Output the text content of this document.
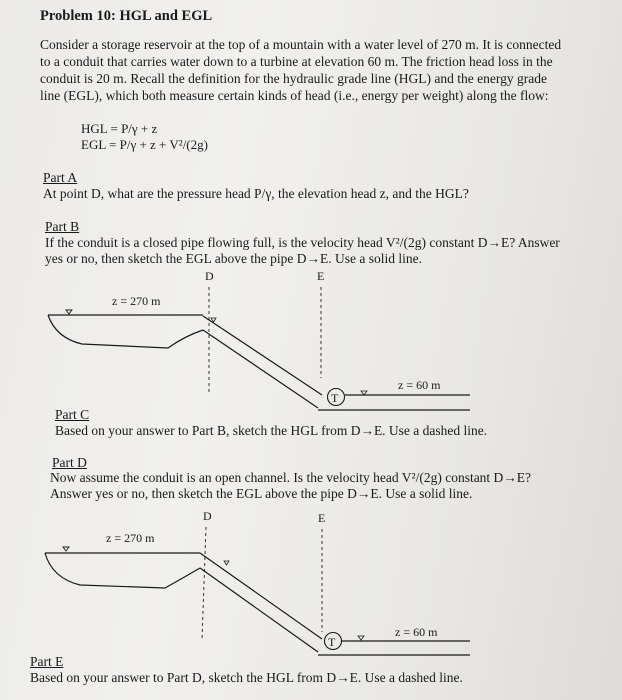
Problem 10: HGL and EGL
Consider a storage reservoir at the top of a mountain with a water level of 270 m. It is connected
to a conduit that carries water down to a turbine at elevation 60 m. The friction head loss in the
conduit is 20 m. Recall the definition for the hydraulic grade line (HGL) and the energy grade
line (EGL), which both measure certain kinds of head (i.e., energy per weight) along the flow:
HGL = P/γ + z
EGL = P/γ + z + V²/(2g)
Part A
At point D, what are the pressure head P/γ, the elevation head z, and the HGL?
Part B
If the conduit is a closed pipe flowing full, is the velocity head V²/(2g) constant D→E? Answer
yes or no, then sketch the EGL above the pipe D→E. Use a solid line.
Part C
Based on your answer to Part B, sketch the HGL from D→E. Use a dashed line.
Part D
Now assume the conduit is an open channel. Is the velocity head V²/(2g) constant D→E?
Answer yes or no, then sketch the EGL above the pipe D→E. Use a solid line.
Part E
Based on your answer to Part D, sketch the HGL from D→E. Use a dashed line.
D	E
z = 270 m
T
z = 60 m
D	E
z = 270 m
T
z = 60 m
